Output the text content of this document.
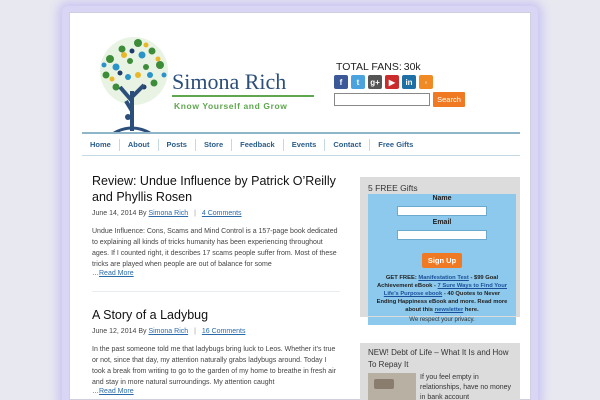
Simona Rich
Know Yourself and Grow
TOTAL FANS: 30k
f	t	g+	▶	in	◦
Search
Home	About	Posts	Store	Feedback	Events	Contact	Free Gifts
Review: Undue Influence by Patrick O’Reilly and Phyllis Rosen
June 14, 2014 By Simona Rich | 4 Comments
Undue Influence: Cons, Scams and Mind Control is a 157-page book dedicated to explaining all kinds of tricks humanity has been experiencing throughout ages. If I counted right, it describes 17 scams people suffer from. Most of these tricks are played when people are out of balance for some
…Read More
A Story of a Ladybug
June 12, 2014 By Simona Rich | 16 Comments
In the past someone told me that ladybugs bring luck to Leos. Whether it’s true or not, since that day, my attention naturally grabs ladybugs around. Today I took a break from writing to go to the garden of my home to breathe in fresh air and stay in more natural surroundings. My attention caught
…Read More
5 FREE Gifts
Name
Email
Sign Up
GET FREE: Manifestation Test - $99 Goal Achievement eBook - 7 Sure Ways to Find Your Life’s Purpose ebook - 40 Quotes to Never Ending Happiness eBook and more. Read more about this newsletter here.
We respect your privacy.
NEW! Debt of Life – What It Is and How To Repay It
If you feel empty in relationships, have no money in bank account
